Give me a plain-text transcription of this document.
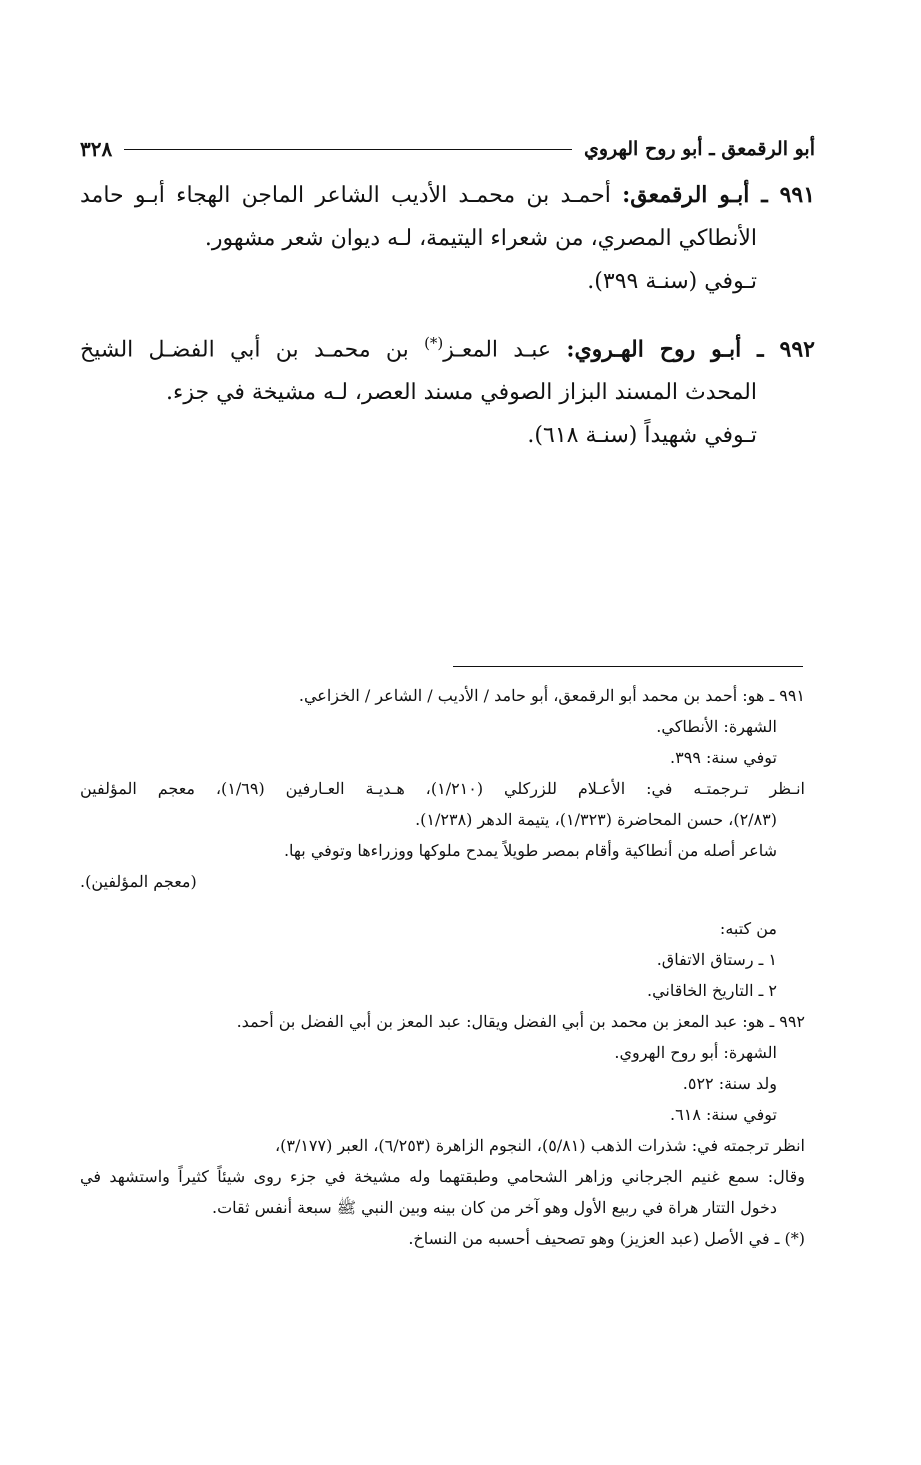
أبو الرقمعق ـ أبو روح الهروي
٣٢٨
٩٩١ ـ أبـو الرقمعق: أحمـد بن محمـد الأديب الشاعر الماجن الهجاء أبـو حامد
الأنطاكي المصري، من شعراء اليتيمة، لـه ديوان شعر مشهور.
تـوفي (سنـة ٣٩٩).
٩٩٢ ـ أبـو روح الهـروي: عبـد المعـز(*) بن محمـد بن أبي الفضـل الشيخ
المحدث المسند البزاز الصوفي مسند العصر، لـه مشيخة في جزء.
تـوفي شهيداً (سنـة ٦١٨).
٩٩١ ـ هو: أحمد بن محمد أبو الرقمعق، أبو حامد / الأديب / الشاعر / الخزاعي.
الشهرة: الأنطاكي.
توفي سنة: ٣٩٩.
انـظر تـرجمتـه في: الأعـلام للزركلي (١/٢١٠)، هـديـة العـارفين (١/٦٩)، معجم المؤلفين
(٢/٨٣)، حسن المحاضرة (١/٣٢٣)، يتيمة الدهر (١/٢٣٨).
شاعر أصله من أنطاكية وأقام بمصر طويلاً يمدح ملوكها ووزراءها وتوفي بها.
(معجم المؤلفين).
من كتبه:
١ ـ رستاق الاتفاق.
٢ ـ التاريخ الخاقاني.
٩٩٢ ـ هو: عبد المعز بن محمد بن أبي الفضل ويقال: عبد المعز بن أبي الفضل بن أحمد.
الشهرة: أبو روح الهروي.
ولد سنة: ٥٢٢.
توفي سنة: ٦١٨.
انظر ترجمته في: شذرات الذهب (٥/٨١)، النجوم الزاهرة (٦/٢٥٣)، العبر (٣/١٧٧)،
وقال: سمع غنيم الجرجاني وزاهر الشحامي وطبقتهما وله مشيخة في جزء روى شيئاً كثيراً واستشهد في
دخول التتار هراة في ربيع الأول وهو آخر من كان بينه وبين النبي ﷺ سبعة أنفس ثقات.
(*) ـ في الأصل (عبد العزيز) وهو تصحيف أحسبه من النساخ.
